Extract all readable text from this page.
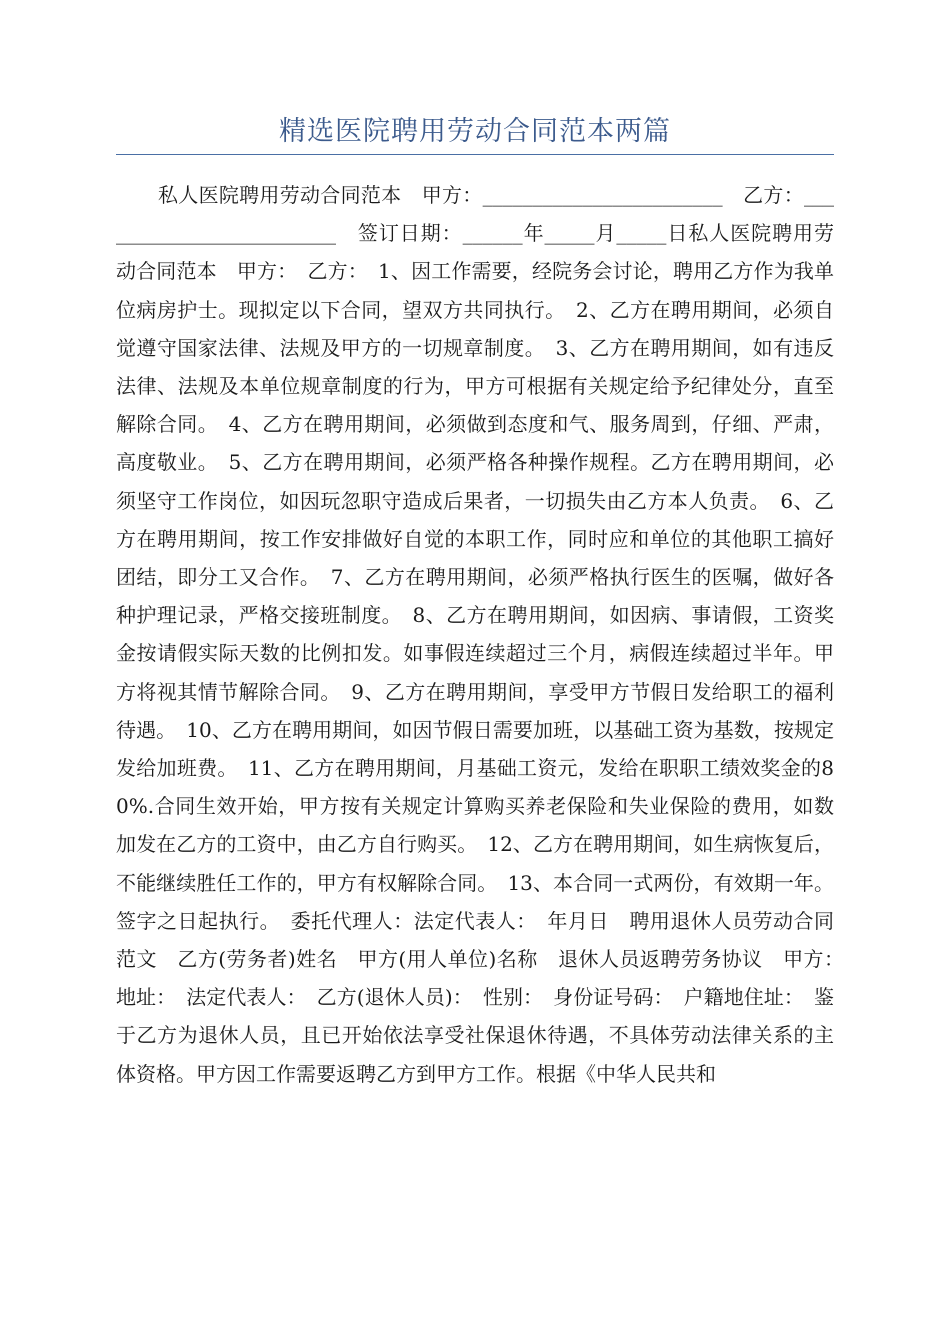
精选医院聘用劳动合同范本两篇

私人医院聘用劳动合同范本　甲方：________________________　乙方：_________________________　签订日期：______年_____月_____日私人医院聘用劳动合同范本　甲方：　乙方：　1、因工作需要，经院务会讨论，聘用乙方作为我单位病房护士。现拟定以下合同，望双方共同执行。　2、乙方在聘用期间，必须自觉遵守国家法律、法规及甲方的一切规章制度。　3、乙方在聘用期间，如有违反法律、法规及本单位规章制度的行为，甲方可根据有关规定给予纪律处分，直至解除合同。　4、乙方在聘用期间，必须做到态度和气、服务周到，仔细、严肃，高度敬业。　5、乙方在聘用期间，必须严格各种操作规程。乙方在聘用期间，必须坚守工作岗位，如因玩忽职守造成后果者，一切损失由乙方本人负责。　6、乙方在聘用期间，按工作安排做好自觉的本职工作，同时应和单位的其他职工搞好团结，即分工又合作。　7、乙方在聘用期间，必须严格执行医生的医嘱，做好各种护理记录，严格交接班制度。　8、乙方在聘用期间，如因病、事请假，工资奖金按请假实际天数的比例扣发。如事假连续超过三个月，病假连续超过半年。甲方将视其情节解除合同。　9、乙方在聘用期间，享受甲方节假日发给职工的福利待遇。　10、乙方在聘用期间，如因节假日需要加班，以基础工资为基数，按规定发给加班费。　11、乙方在聘用期间，月基础工资元，发给在职职工绩效奖金的80%.合同生效开始，甲方按有关规定计算购买养老保险和失业保险的费用，如数加发在乙方的工资中，由乙方自行购买。　12、乙方在聘用期间，如生病恢复后，不能继续胜任工作的，甲方有权解除合同。　13、本合同一式两份，有效期一年。签字之日起执行。　委托代理人：法定代表人：　年月日　聘用退休人员劳动合同范文　乙方(劳务者)姓名　甲方(用人单位)名称　退休人员返聘劳务协议　甲方：　地址：　法定代表人：　乙方(退休人员)：　性别：　身份证号码：　户籍地住址：　鉴于乙方为退休人员，且已开始依法享受社保退休待遇，不具体劳动法律关系的主体资格。甲方因工作需要返聘乙方到甲方工作。根据《中华人民共和
